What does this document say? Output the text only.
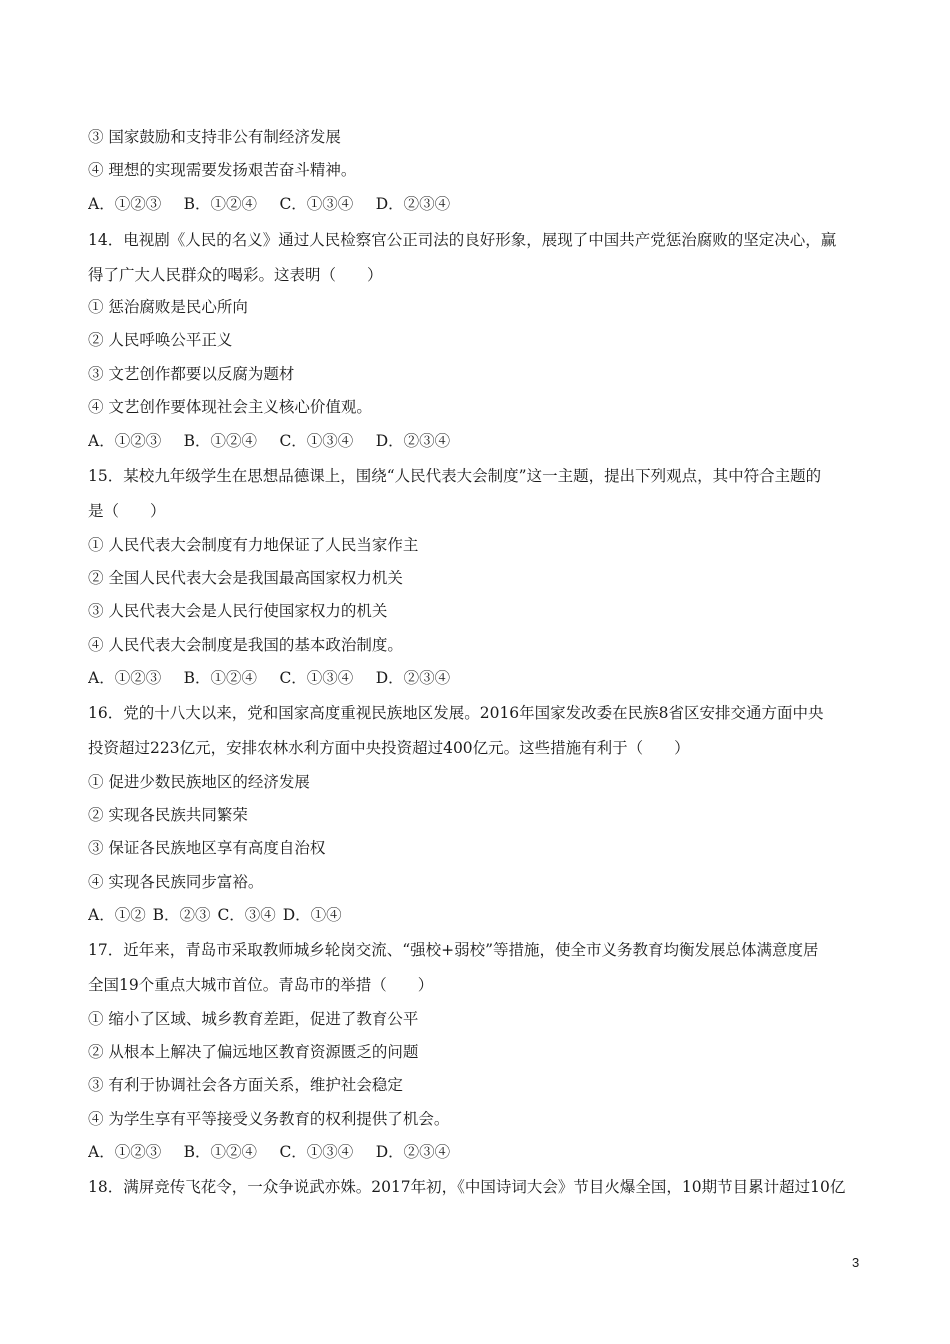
③ 国家鼓励和支持非公有制经济发展
④ 理想的实现需要发扬艰苦奋斗精神。
A．①②③　 B．①②④　 C．①③④　 D．②③④
14．电视剧《人民的名义》通过人民检察官公正司法的良好形象，展现了中国共产党惩治腐败的坚定决心，赢
得了广大人民群众的喝彩。这表明（　　）
① 惩治腐败是民心所向
② 人民呼唤公平正义
③ 文艺创作都要以反腐为题材
④ 文艺创作要体现社会主义核心价值观。
A．①②③　 B．①②④　 C．①③④　 D．②③④
15．某校九年级学生在思想品德课上，围绕“人民代表大会制度”这一主题，提出下列观点，其中符合主题的
是（　　）
① 人民代表大会制度有力地保证了人民当家作主
② 全国人民代表大会是我国最高国家权力机关
③ 人民代表大会是人民行使国家权力的机关
④ 人民代表大会制度是我国的基本政治制度。
A．①②③　 B．①②④　 C．①③④　 D．②③④
16．党的十八大以来，党和国家高度重视民族地区发展。2016年国家发改委在民族8省区安排交通方面中央
投资超过223亿元，安排农林水利方面中央投资超过400亿元。这些措施有利于（　　）
① 促进少数民族地区的经济发展
② 实现各民族共同繁荣
③ 保证各民族地区享有高度自治权
④ 实现各民族同步富裕。
A．①② B．②③ C．③④ D．①④
17．近年来，青岛市采取教师城乡轮岗交流、“强校+弱校”等措施，使全市义务教育均衡发展总体满意度居
全国19个重点大城市首位。青岛市的举措（　　）
① 缩小了区域、城乡教育差距，促进了教育公平
② 从根本上解决了偏远地区教育资源匮乏的问题
③ 有利于协调社会各方面关系，维护社会稳定
④ 为学生享有平等接受义务教育的权利提供了机会。
A．①②③　 B．①②④　 C．①③④　 D．②③④
18．满屏竞传飞花令，一众争说武亦姝。2017年初，《中国诗词大会》节目火爆全国，10期节目累计超过10亿
3
